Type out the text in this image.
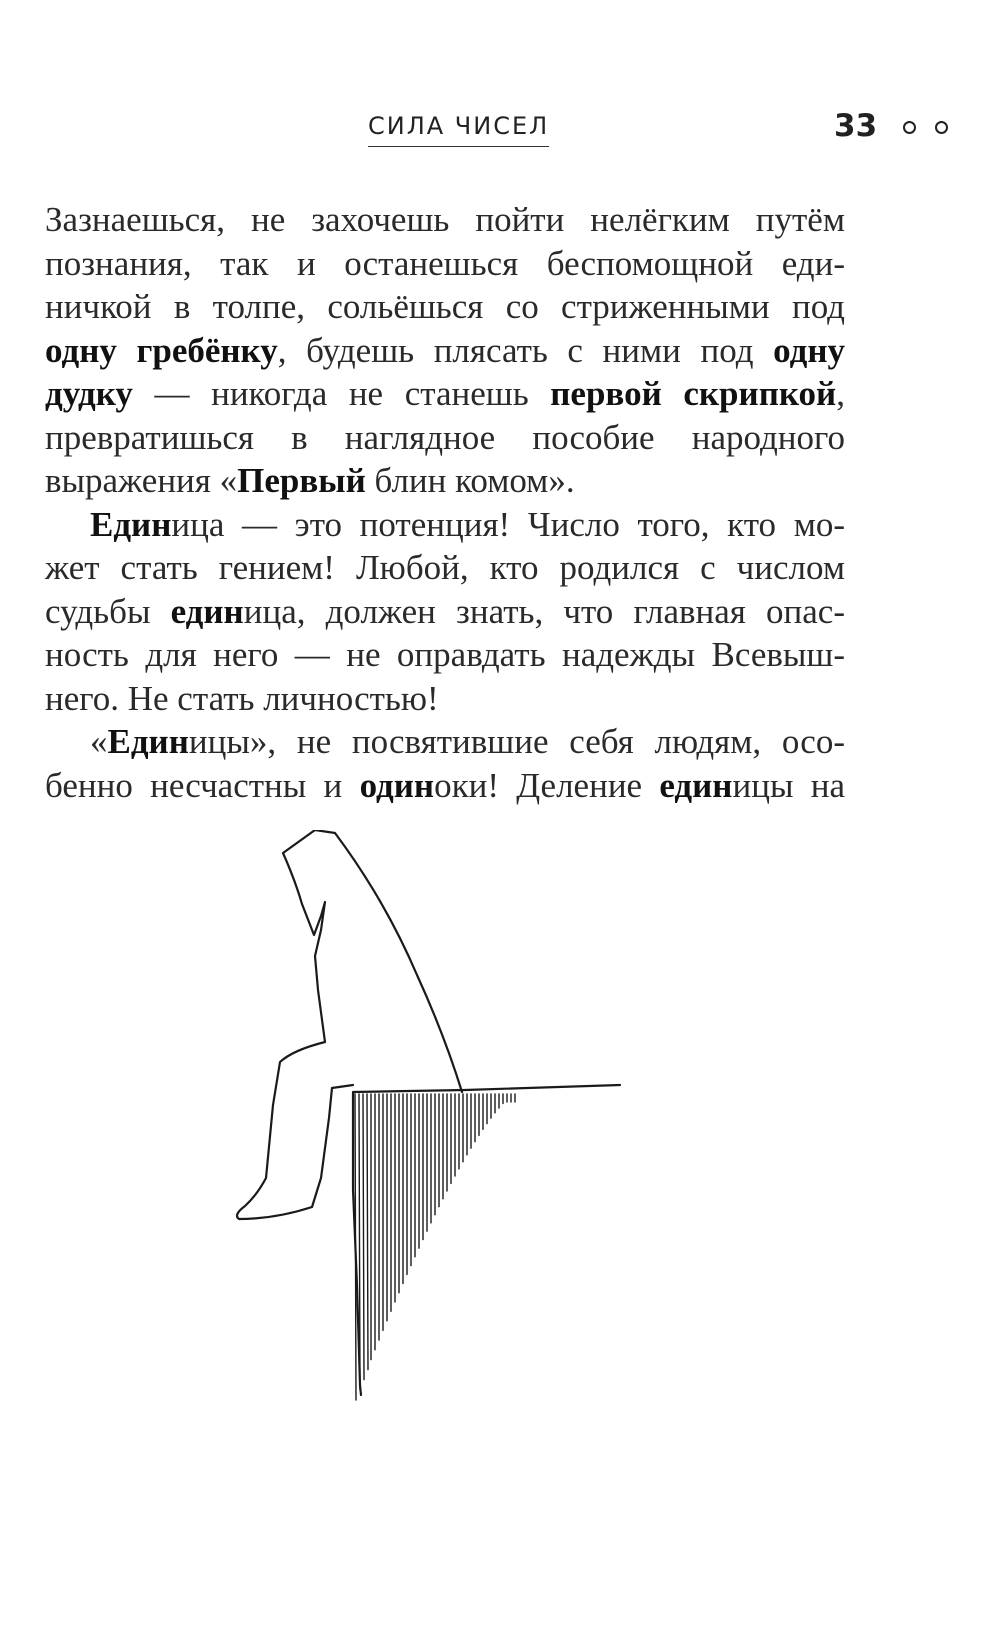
СИЛА ЧИСЕЛ	33
Зазнаешься, не захочешь пойти нелёгким путём
познания, так и останешься беспомощной еди-
ничкой в толпе, сольёшься со стриженными под
одну гребёнку, будешь плясать с ними под одну
дудку — никогда не станешь первой скрипкой,
превратишься в наглядное пособие народного
выражения «Первый блин комом».
Единица — это потенция! Число того, кто мо-
жет стать гением! Любой, кто родился с числом
судьбы единица, должен знать, что главная опас-
ность для него — не оправдать надежды Всевыш-
него. Не стать личностью!
«Единицы», не посвятившие себя людям, осо-
бенно несчастны и одиноки! Деление единицы на
